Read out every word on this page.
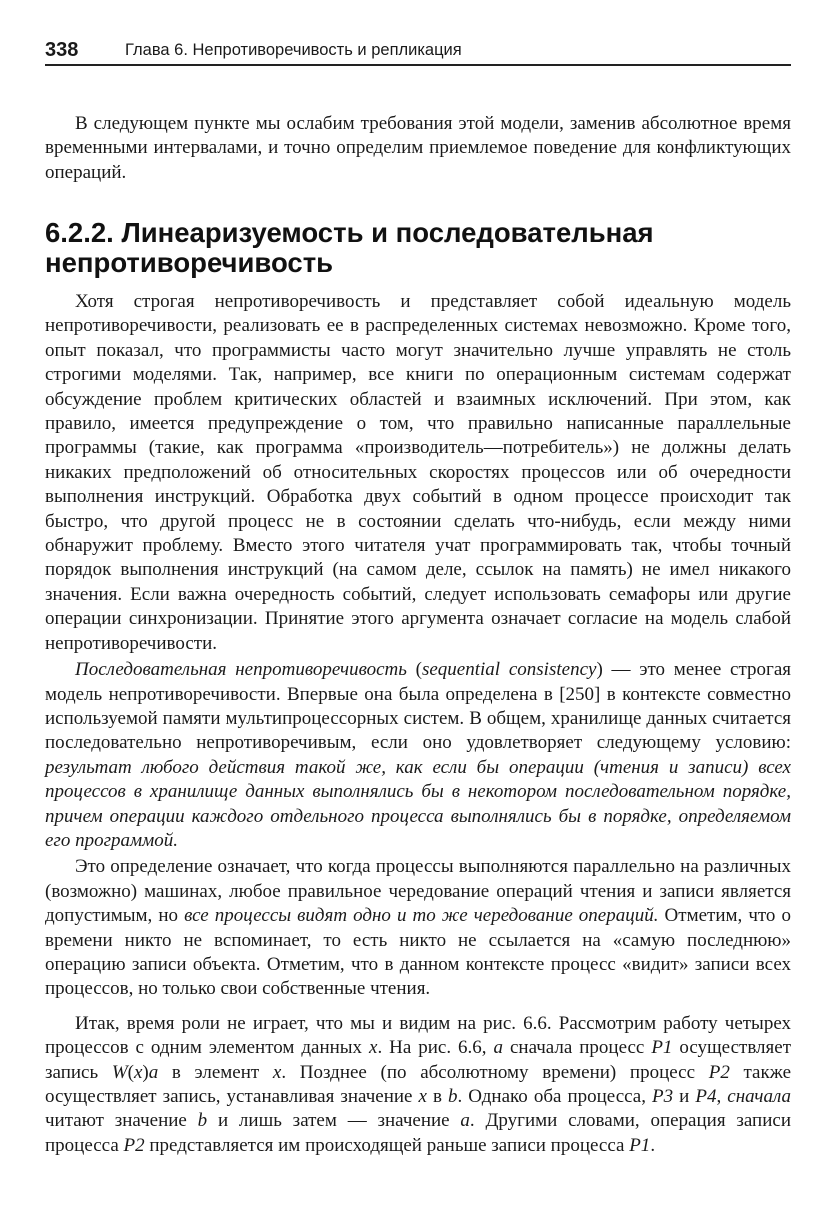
338	Глава 6. Непротиворечивость и репликация

В следующем пункте мы ослабим требования этой модели, заменив абсолютное время временными интервалами, и точно определим приемлемое поведение для конфликтующих операций.

6.2.2. Линеаризуемость и последовательная непротиворечивость

Хотя строгая непротиворечивость и представляет собой идеальную модель непротиворечивости, реализовать ее в распределенных системах невозможно. Кроме того, опыт показал, что программисты часто могут значительно лучше управлять не столь строгими моделями. Так, например, все книги по операционным системам содержат обсуждение проблем критических областей и взаимных исключений. При этом, как правило, имеется предупреждение о том, что правильно написанные параллельные программы (такие, как программа «производитель—потребитель») не должны делать никаких предположений об относительных скоростях процессов или об очередности выполнения инструкций. Обработка двух событий в одном процессе происходит так быстро, что другой процесс не в состоянии сделать что-нибудь, если между ними обнаружит проблему. Вместо этого читателя учат программировать так, чтобы точный порядок выполнения инструкций (на самом деле, ссылок на память) не имел никакого значения. Если важна очередность событий, следует использовать семафоры или другие операции синхронизации. Принятие этого аргумента означает согласие на модель слабой непротиворечивости.

Последовательная непротиворечивость (sequential consistency) — это менее строгая модель непротиворечивости. Впервые она была определена в [250] в контексте совместно используемой памяти мультипроцессорных систем. В общем, хранилище данных считается последовательно непротиворечивым, если оно удовлетворяет следующему условию: результат любого действия такой же, как если бы операции (чтения и записи) всех процессов в хранилище данных выполнялись бы в некотором последовательном порядке, причем операции каждого отдельного процесса выполнялись бы в порядке, определяемом его программой.

Это определение означает, что когда процессы выполняются параллельно на различных (возможно) машинах, любое правильное чередование операций чтения и записи является допустимым, но все процессы видят одно и то же чередование операций. Отметим, что о времени никто не вспоминает, то есть никто не ссылается на «самую последнюю» операцию записи объекта. Отметим, что в данном контексте процесс «видит» записи всех процессов, но только свои собственные чтения.

Итак, время роли не играет, что мы и видим на рис. 6.6. Рассмотрим работу четырех процессов с одним элементом данных x. На рис. 6.6, а сначала процесс P1 осуществляет запись W(x)a в элемент x. Позднее (по абсолютному времени) процесс P2 также осуществляет запись, устанавливая значение x в b. Однако оба процесса, P3 и P4, сначала читают значение b и лишь затем — значение a. Другими словами, операция записи процесса P2 представляется им происходящей раньше записи процесса P1.
